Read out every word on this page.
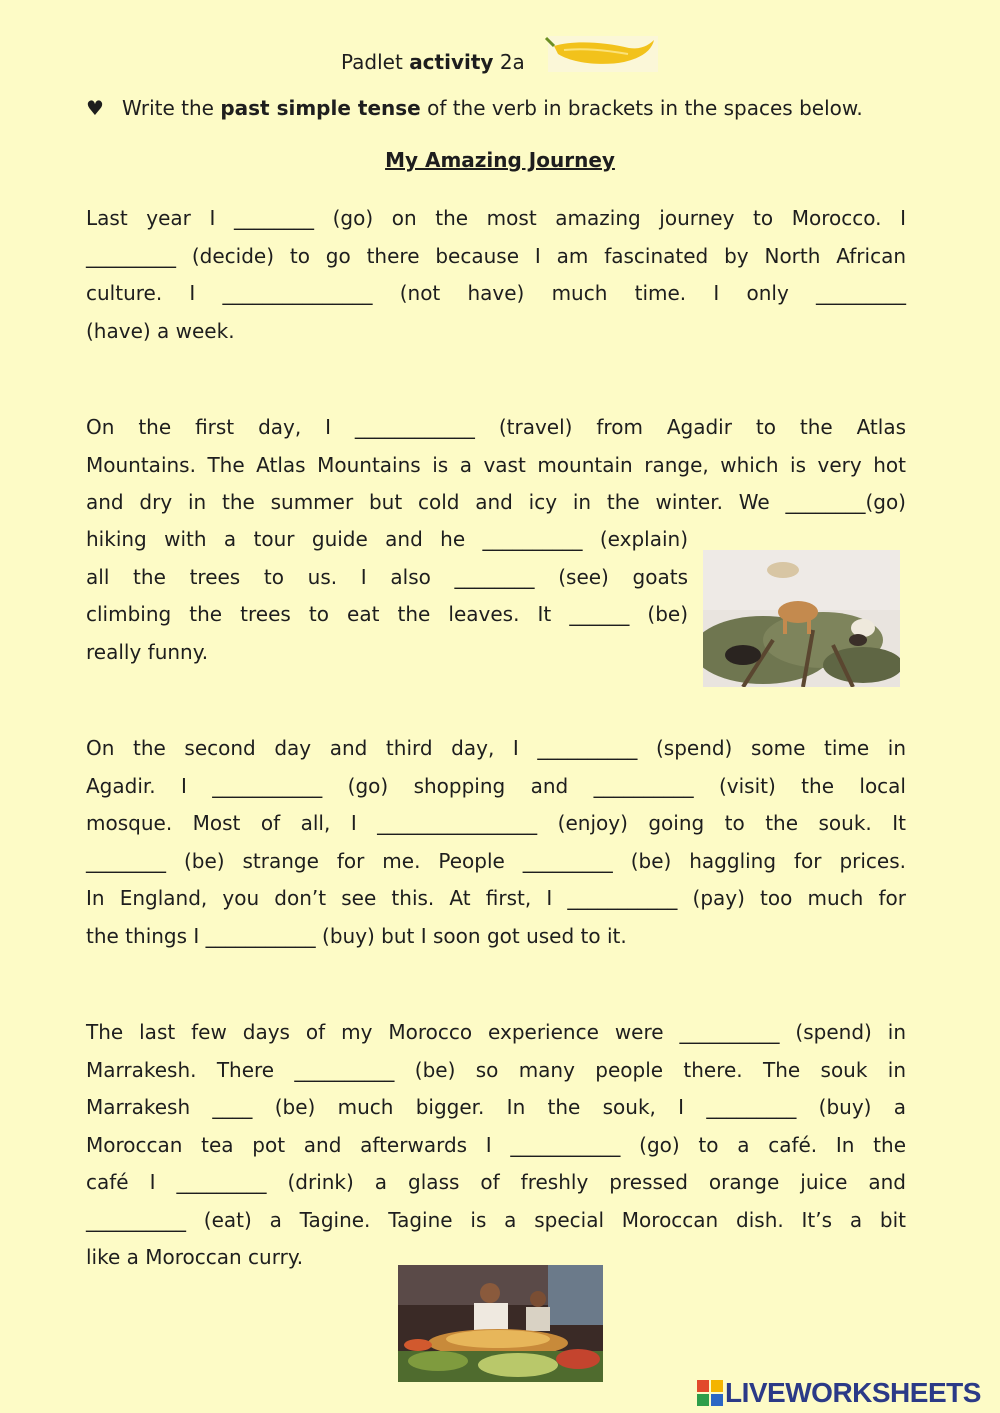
Padlet activity 2a
♥ Write the past simple tense of the verb in brackets in the spaces below.
My Amazing Journey
Last year I ________ (go) on the most amazing journey to Morocco. I
_________ (decide) to go there because I am fascinated by North African
culture. I _______________ (not have) much time. I only _________
(have) a week.
On the first day, I ____________ (travel) from Agadir to the Atlas
Mountains. The Atlas Mountains is a vast mountain range, which is very hot
and dry in the summer but cold and icy in the winter. We ________(go)
hiking with a tour guide and he __________ (explain)
all the trees to us. I also ________ (see) goats
climbing the trees to eat the leaves. It ______ (be)
really funny.
On the second day and third day, I __________ (spend) some time in
Agadir. I ___________ (go) shopping and __________ (visit) the local
mosque. Most of all, I ________________ (enjoy) going to the souk. It
________ (be) strange for me. People _________ (be) haggling for prices.
In England, you don’t see this. At first, I ___________ (pay) too much for
the things I ___________ (buy) but I soon got used to it.
The last few days of my Morocco experience were __________ (spend) in
Marrakesh. There __________ (be) so many people there. The souk in
Marrakesh ____ (be) much bigger. In the souk, I _________ (buy) a
Moroccan tea pot and afterwards I ___________ (go) to a café. In the
café I _________ (drink) a glass of freshly pressed orange juice and
__________ (eat) a Tagine. Tagine is a special Moroccan dish. It’s a bit
like a Moroccan curry.
LIVEWORKSHEETS
